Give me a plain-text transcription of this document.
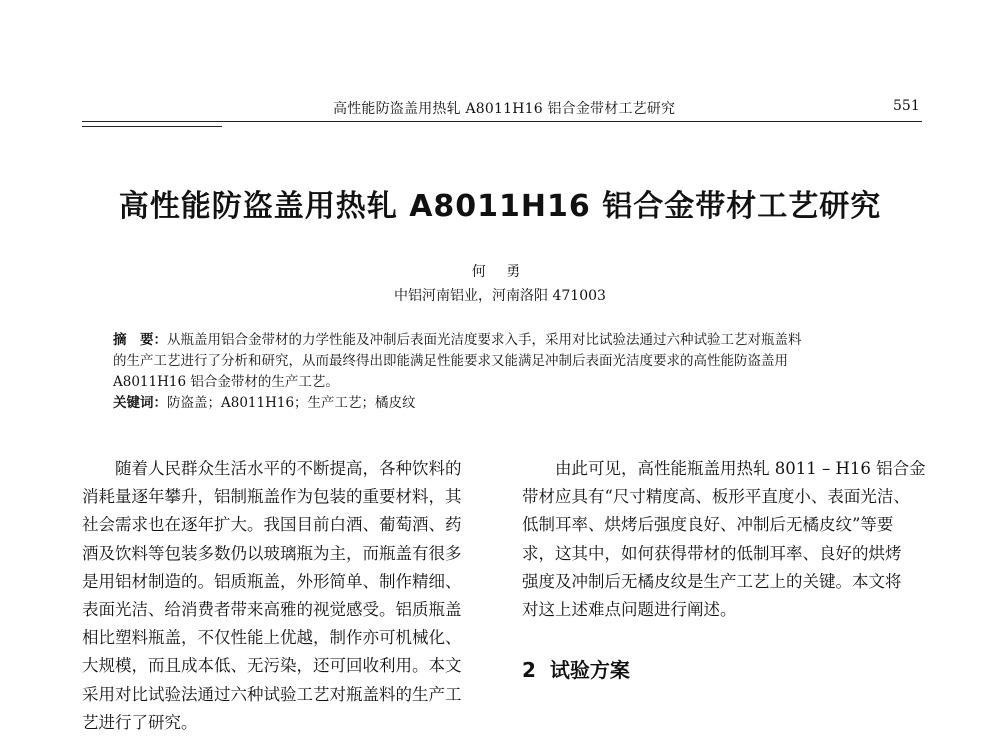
高性能防盗盖用热轧 A8011H16 铝合金带材工艺研究	551
高性能防盗盖用热轧 A8011H16 铝合金带材工艺研究
何 勇
中铝河南铝业，河南洛阳 471003
摘　要：从瓶盖用铝合金带材的力学性能及冲制后表面光洁度要求入手，采用对比试验法通过六种试验工艺对瓶盖料
的生产工艺进行了分析和研究，从而最终得出即能满足性能要求又能满足冲制后表面光洁度要求的高性能防盗盖用
A8011H16 铝合金带材的生产工艺。
关键词：防盗盖；A8011H16；生产工艺；橘皮纹
　　随着人民群众生活水平的不断提高，各种饮料的
消耗量逐年攀升，铝制瓶盖作为包装的重要材料，其
社会需求也在逐年扩大。我国目前白酒、葡萄酒、药
酒及饮料等包装多数仍以玻璃瓶为主，而瓶盖有很多
是用铝材制造的。铝质瓶盖，外形简单、制作精细、
表面光洁、给消费者带来高雅的视觉感受。铝质瓶盖
相比塑料瓶盖，不仅性能上优越，制作亦可机械化、
大规模，而且成本低、无污染，还可回收利用。本文
采用对比试验法通过六种试验工艺对瓶盖料的生产工
艺进行了研究。
　　由此可见，高性能瓶盖用热轧 8011 – H16 铝合金
带材应具有“尺寸精度高、板形平直度小、表面光洁、
低制耳率、烘烤后强度良好、冲制后无橘皮纹”等要
求，这其中，如何获得带材的低制耳率、良好的烘烤
强度及冲制后无橘皮纹是生产工艺上的关键。本文将
对这上述难点问题进行阐述。
2 试验方案
